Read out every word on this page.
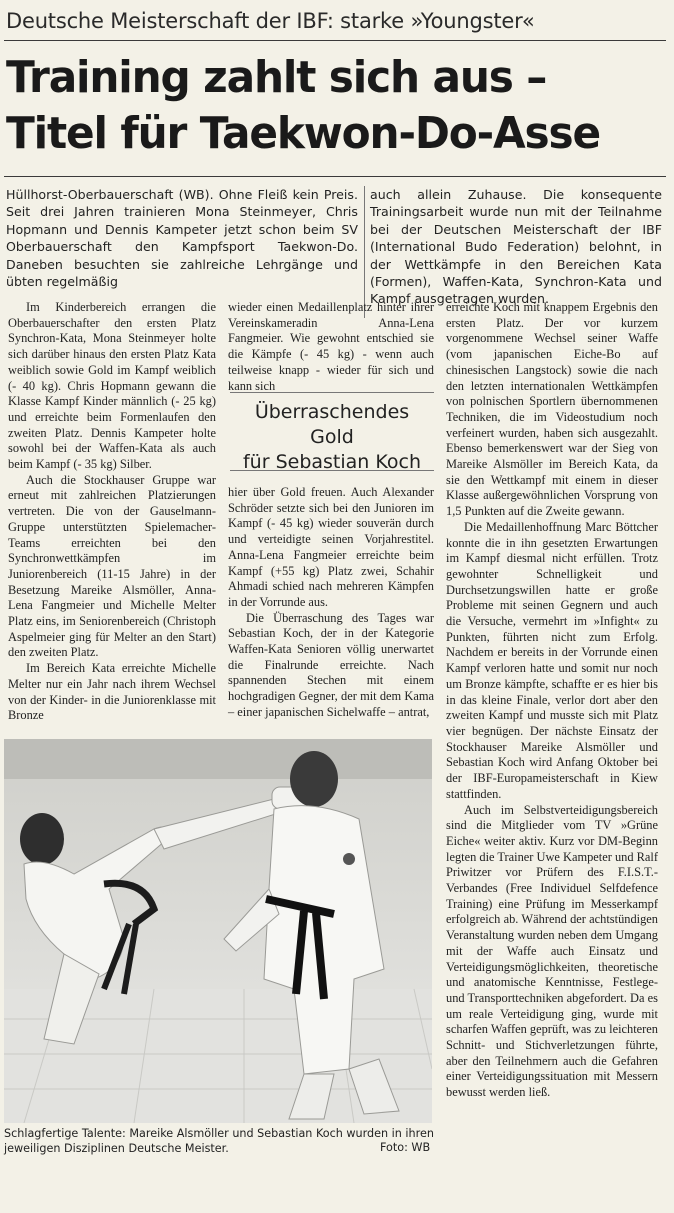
Deutsche Meisterschaft der IBF: starke »Youngster«
Training zahlt sich aus –
Titel für Taekwon-Do-Asse
Hüllhorst-Oberbauerschaft (WB). Ohne Fleiß kein Preis. Seit drei Jahren trainieren Mona Steinmeyer, Chris Hopmann und Dennis Kampeter jetzt schon beim SV Oberbauerschaft den Kampfsport Taekwon-Do. Daneben besuchten sie zahlreiche Lehrgänge und übten regelmäßig
auch allein Zuhause. Die konsequente Trainingsarbeit wurde nun mit der Teilnahme bei der Deutschen Meisterschaft der IBF (International Budo Federation) belohnt, in der Wettkämpfe in den Bereichen Kata (Formen), Waffen-Kata, Synchron-Kata und Kampf ausgetragen wurden.

Im Kinderbereich errangen die Oberbauerschafter den ersten Platz Synchron-Kata, Mona Steinmeyer holte sich darüber hinaus den ersten Platz Kata weiblich sowie Gold im Kampf weiblich (- 40 kg). Chris Hopmann gewann die Klasse Kampf Kinder männlich (- 25 kg) und erreichte beim Formenlaufen den zweiten Platz. Dennis Kampeter holte sowohl bei der Waffen-Kata als auch beim Kampf (- 35 kg) Silber.

Auch die Stockhauser Gruppe war erneut mit zahlreichen Platzierungen vertreten. Die von der Gauselmann-Gruppe unterstützten Spielemacher-Teams erreichten bei den Synchronwettkämpfen im Juniorenbereich (11-15 Jahre) in der Besetzung Mareike Alsmöller, Anna-Lena Fangmeier und Michelle Melter Platz eins, im Seniorenbereich (Christoph Aspelmeier ging für Melter an den Start) den zweiten Platz.

Im Bereich Kata erreichte Michelle Melter nur ein Jahr nach ihrem Wechsel von der Kinder- in die Juniorenklasse mit Bronze

wieder einen Medaillenplatz hinter ihrer Vereinskameradin Anna-Lena Fangmeier. Wie gewohnt entschied sie die Kämpfe (- 45 kg) - wenn auch teilweise knapp - wieder für sich und kann sich

Überraschendes Gold
für Sebastian Koch

hier über Gold freuen. Auch Alexander Schröder setzte sich bei den Junioren im Kampf (- 45 kg) wieder souverän durch und verteidigte seinen Vorjahrestitel. Anna-Lena Fangmeier erreichte beim Kampf (+55 kg) Platz zwei, Schahir Ahmadi schied nach mehreren Kämpfen in der Vorrunde aus.

Die Überraschung des Tages war Sebastian Koch, der in der Kategorie Waffen-Kata Senioren völlig unerwartet die Finalrunde erreichte. Nach spannenden Stechen mit einem hochgradigen Gegner, der mit dem Kama – einer japanischen Sichelwaffe – antrat,

erreichte Koch mit knappem Ergebnis den ersten Platz. Der vor kurzem vorgenommene Wechsel seiner Waffe (vom japanischen Eiche-Bo auf chinesischen Langstock) sowie die nach den letzten internationalen Wettkämpfen von polnischen Sportlern übernommenen Techniken, die im Videostudium noch verfeinert wurden, haben sich ausgezahlt. Ebenso bemerkenswert war der Sieg von Mareike Alsmöller im Bereich Kata, da sie den Wettkampf mit einem in dieser Klasse außergewöhnlichen Vorsprung von 1,5 Punkten auf die Zweite gewann.

Die Medaillenhoffnung Marc Böttcher konnte die in ihn gesetzten Erwartungen im Kampf diesmal nicht erfüllen. Trotz gewohnter Schnelligkeit und Durchsetzungswillen hatte er große Probleme mit seinen Gegnern und auch die Versuche, vermehrt im »Infight« zu Punkten, führten nicht zum Erfolg. Nachdem er bereits in der Vorrunde einen Kampf verloren hatte und somit nur noch um Bronze kämpfte, schaffte er es hier bis in das kleine Finale, verlor dort aber den zweiten Kampf und musste sich mit Platz vier begnügen. Der nächste Einsatz der Stockhauser Mareike Alsmöller und Sebastian Koch wird Anfang Oktober bei der IBF-Europameisterschaft in Kiew stattfinden.

Auch im Selbstverteidigungsbereich sind die Mitglieder vom TV »Grüne Eiche« weiter aktiv. Kurz vor DM-Beginn legten die Trainer Uwe Kampeter und Ralf Priwitzer vor Prüfern des F.I.S.T.-Verbandes (Free Individuel Selfdefence Training) eine Prüfung im Messerkampf erfolgreich ab. Während der achtstündigen Veranstaltung wurden neben dem Umgang mit der Waffe auch Einsatz und Verteidigungsmöglichkeiten, theoretische und anatomische Kenntnisse, Festlege- und Transporttechniken abgefordert. Da es um reale Verteidigung ging, wurde mit scharfen Waffen geprüft, was zu leichteren Schnitt- und Stichverletzungen führte, aber den Teilnehmern auch die Gefahren einer Verteidigungssituation mit Messern bewusst werden ließ.

Schlagfertige Talente: Mareike Alsmöller und Sebastian Koch wurden in ihren jeweiligen Disziplinen Deutsche Meister.	Foto: WB
